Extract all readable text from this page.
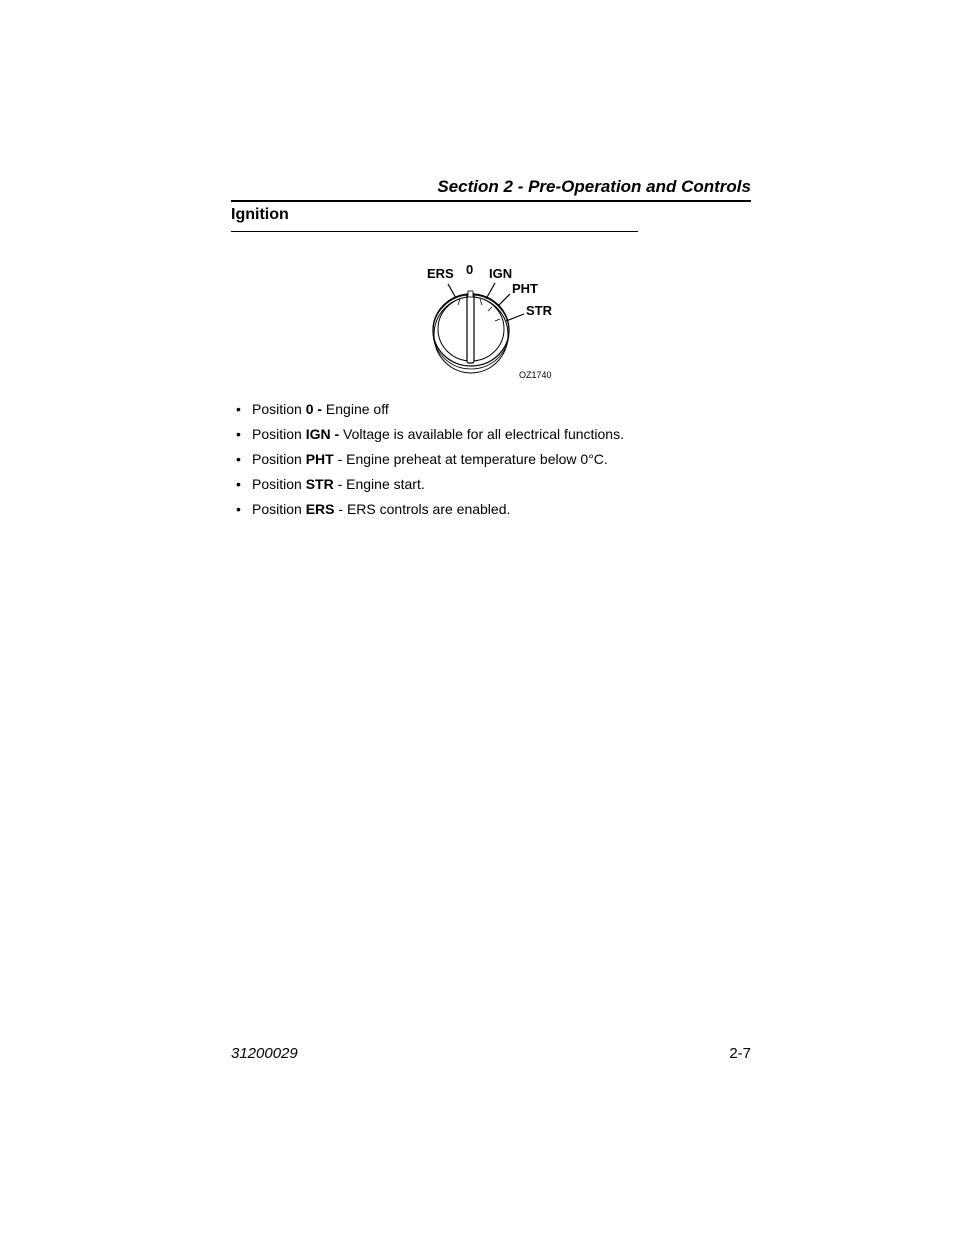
Section 2 - Pre-Operation and Controls
Ignition
ERS 0 IGN
PHT
STR
OZ1740
• Position 0 - Engine off
• Position IGN - Voltage is available for all electrical functions.
• Position PHT - Engine preheat at temperature below 0°C.
• Position STR - Engine start.
• Position ERS - ERS controls are enabled.
31200029	2-7
